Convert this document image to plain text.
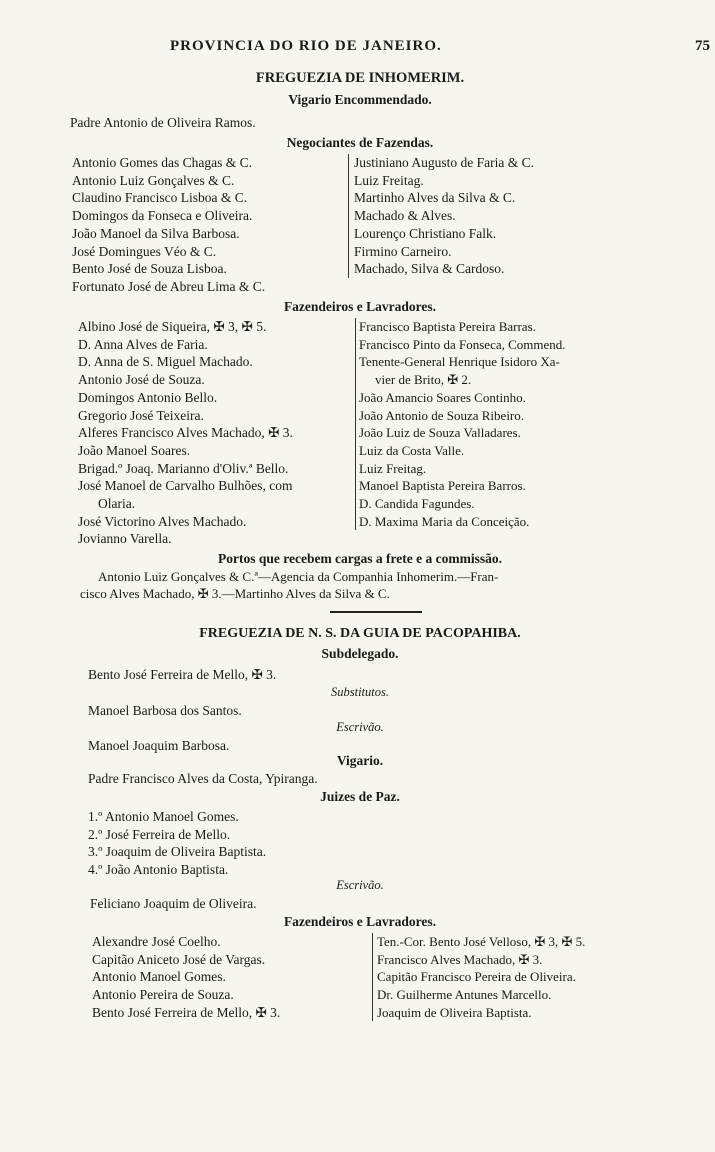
PROVINCIA DO RIO DE JANEIRO.	75
FREGUEZIA DE INHOMERIM.
Vigario Encommendado.
Padre Antonio de Oliveira Ramos.
Negociantes de Fazendas.
Antonio Gomes das Chagas & C.
Antonio Luiz Gonçalves & C.
Claudino Francisco Lisboa & C.
Domingos da Fonseca e Oliveira.
João Manoel da Silva Barbosa.
José Domingues Véo & C.
Bento José de Souza Lisboa.
Fortunato José de Abreu Lima & C.
Justiniano Augusto de Faria & C.
Luiz Freitag.
Martinho Alves da Silva & C.
Machado & Alves.
Lourenço Christiano Falk.
Firmino Carneiro.
Machado, Silva & Cardoso.
Fazendeiros e Lavradores.
Albino José de Siqueira, ✠ 3, ✠ 5.
D. Anna Alves de Faria.
D. Anna de S. Miguel Machado.
Antonio José de Souza.
Domingos Antonio Bello.
Gregorio José Teixeira.
Alferes Francisco Alves Machado, ✠ 3.
João Manoel Soares.
Brigad.º Joaq. Marianno d'Oliv.ª Bello.
José Manoel de Carvalho Bulhões, com
Olaria.
José Victorino Alves Machado.
Jovianno Varella.
Francisco Baptista Pereira Barras.
Francisco Pinto da Fonseca, Commend.
Tenente-General Henrique Isidoro Xa-
vier de Brito, ✠ 2.
João Amancio Soares Continho.
João Antonio de Souza Ribeiro.
João Luiz de Souza Valladares.
Luiz da Costa Valle.
Luiz Freitag.
Manoel Baptista Pereira Barros.
D. Candida Fagundes.
D. Maxima Maria da Conceição.
Portos que recebem cargas a frete e a commissão.
Antonio Luiz Gonçalves & C.ª—Agencia da Companhia Inhomerim.—Fran-
cisco Alves Machado, ✠ 3.—Martinho Alves da Silva & C.
FREGUEZIA DE N. S. DA GUIA DE PACOPAHIBA.
Subdelegado.
Bento José Ferreira de Mello, ✠ 3.
Substitutos.
Manoel Barbosa dos Santos.
Escrivão.
Manoel Joaquim Barbosa.
Vigario.
Padre Francisco Alves da Costa, Ypiranga.
Juizes de Paz.
1.º Antonio Manoel Gomes.
2.º José Ferreira de Mello.
3.º Joaquim de Oliveira Baptista.
4.º João Antonio Baptista.
Escrivão.
Feliciano Joaquim de Oliveira.
Fazendeiros e Lavradores.
Alexandre José Coelho.
Capitão Aniceto José de Vargas.
Antonio Manoel Gomes.
Antonio Pereira de Souza.
Bento José Ferreira de Mello, ✠ 3.
Ten.-Cor. Bento José Velloso, ✠ 3, ✠ 5.
Francisco Alves Machado, ✠ 3.
Capitão Francisco Pereira de Oliveira.
Dr. Guilherme Antunes Marcello.
Joaquim de Oliveira Baptista.
